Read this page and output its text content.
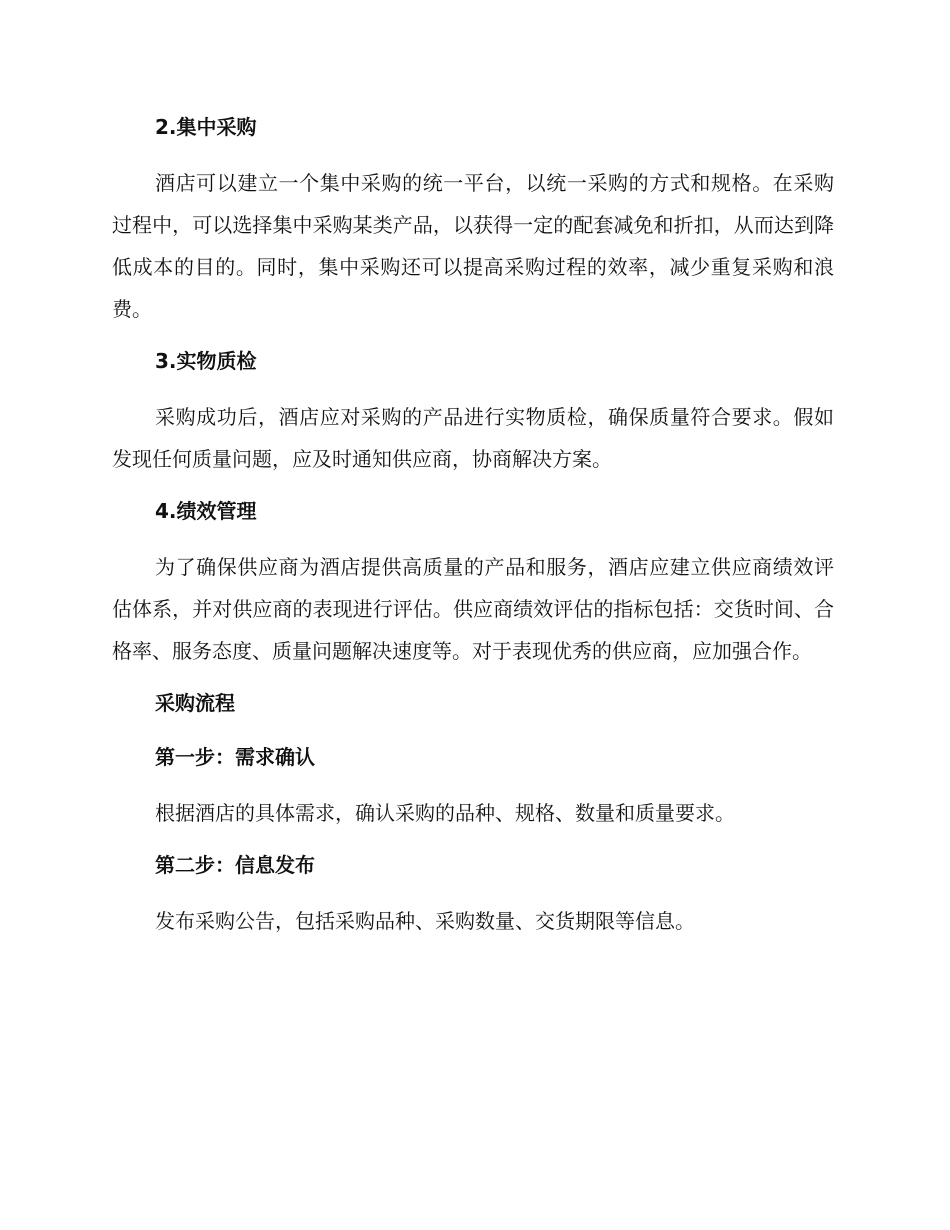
2.集中采购

酒店可以建立一个集中采购的统一平台，以统一采购的方式和规格。在采购过程中，可以选择集中采购某类产品，以获得一定的配套减免和折扣，从而达到降低成本的目的。同时，集中采购还可以提高采购过程的效率，减少重复采购和浪费。

3.实物质检

采购成功后，酒店应对采购的产品进行实物质检，确保质量符合要求。假如发现任何质量问题，应及时通知供应商，协商解决方案。

4.绩效管理

为了确保供应商为酒店提供高质量的产品和服务，酒店应建立供应商绩效评估体系，并对供应商的表现进行评估。供应商绩效评估的指标包括：交货时间、合格率、服务态度、质量问题解决速度等。对于表现优秀的供应商，应加强合作。

采购流程
第一步：需求确认

根据酒店的具体需求，确认采购的品种、规格、数量和质量要求。

第二步：信息发布

发布采购公告，包括采购品种、采购数量、交货期限等信息。
